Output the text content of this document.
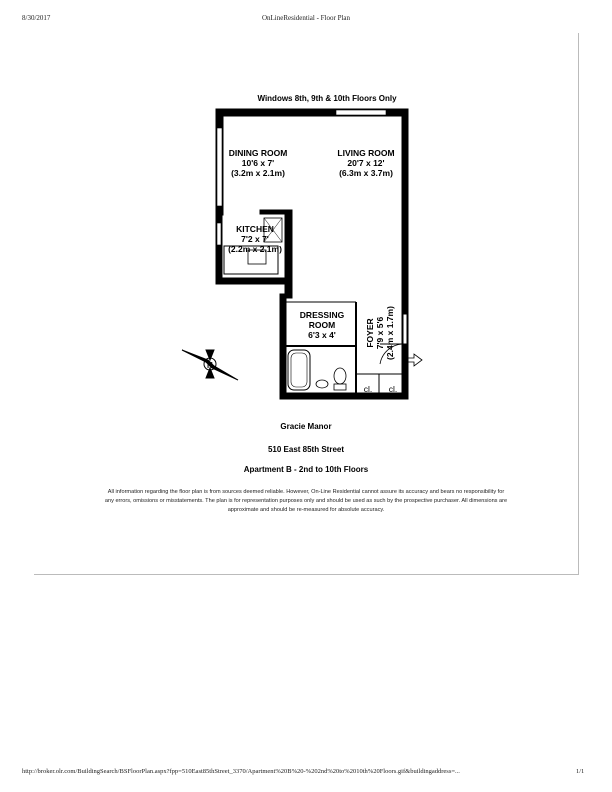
8/30/2017	OnLineResidential - Floor Plan
Windows 8th, 9th & 10th Floors Only
N
DINING ROOM
10'6 x 7'
(3.2m x 2.1m)
LIVING ROOM
20'7 x 12'
(6.3m x 3.7m)
KITCHEN
7'2 x 7'
(2.2m x 2.1m)
DRESSING
ROOM
6'3 x 4'	FOYER 7'9 x 5'6 (2.4m x 1.7m)
cl.	cl.
Gracie Manor
510 East 85th Street
Apartment B - 2nd to 10th Floors
All information regarding the floor plan is from sources deemed reliable. However, On-Line Residential cannot assure its accuracy and bears no responsibility for any errors, omissions or misstatements. The plan is for representation purposes only and should be used as such by the prospective purchaser. All dimensions are approximate and should be re-measured for absolute accuracy.
http://broker.olr.com/BuildingSearch/BSFloorPlan.aspx?fpp=510East85thStreet_3370/Apartment%20B%20-%202nd%20to%2010th%20Floors.gif&buildingaddress=...	1/1
